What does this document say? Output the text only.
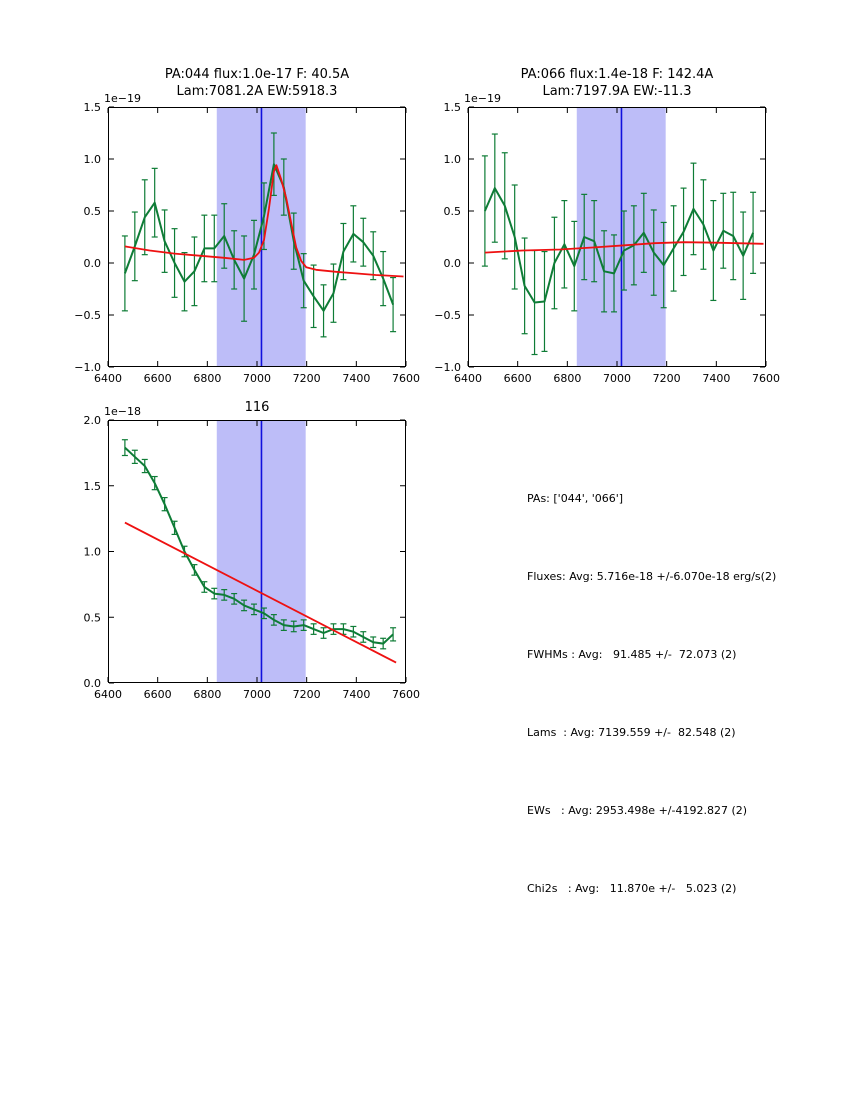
PA:044 flux:1.0e-17 F: 40.5A
Lam:7081.2A EW:5918.3
1e−19
6400 6600 6800 7000 7200 7400 7600
−1.0
−0.5
0.0
0.5
1.0
1.5
PA:066 flux:1.4e-18 F: 142.4A
Lam:7197.9A EW:-11.3
1e−19
6400 6600 6800 7000 7200 7400 7600
−1.0
−0.5
0.0
0.5
1.0
1.5
116
1e−18
6400 6600 6800 7000 7200 7400 7600
0.0
0.5
1.0
1.5
2.0

PAs: ['044', '066']

Fluxes: Avg: 5.716e-18 +/-6.070e-18 erg/s(2)

FWHMs : Avg:   91.485 +/-  72.073 (2)

Lams  : Avg: 7139.559 +/-  82.548 (2)

EWs   : Avg: 2953.498e +/-4192.827 (2)

Chi2s   : Avg:   11.870e +/-   5.023 (2)
